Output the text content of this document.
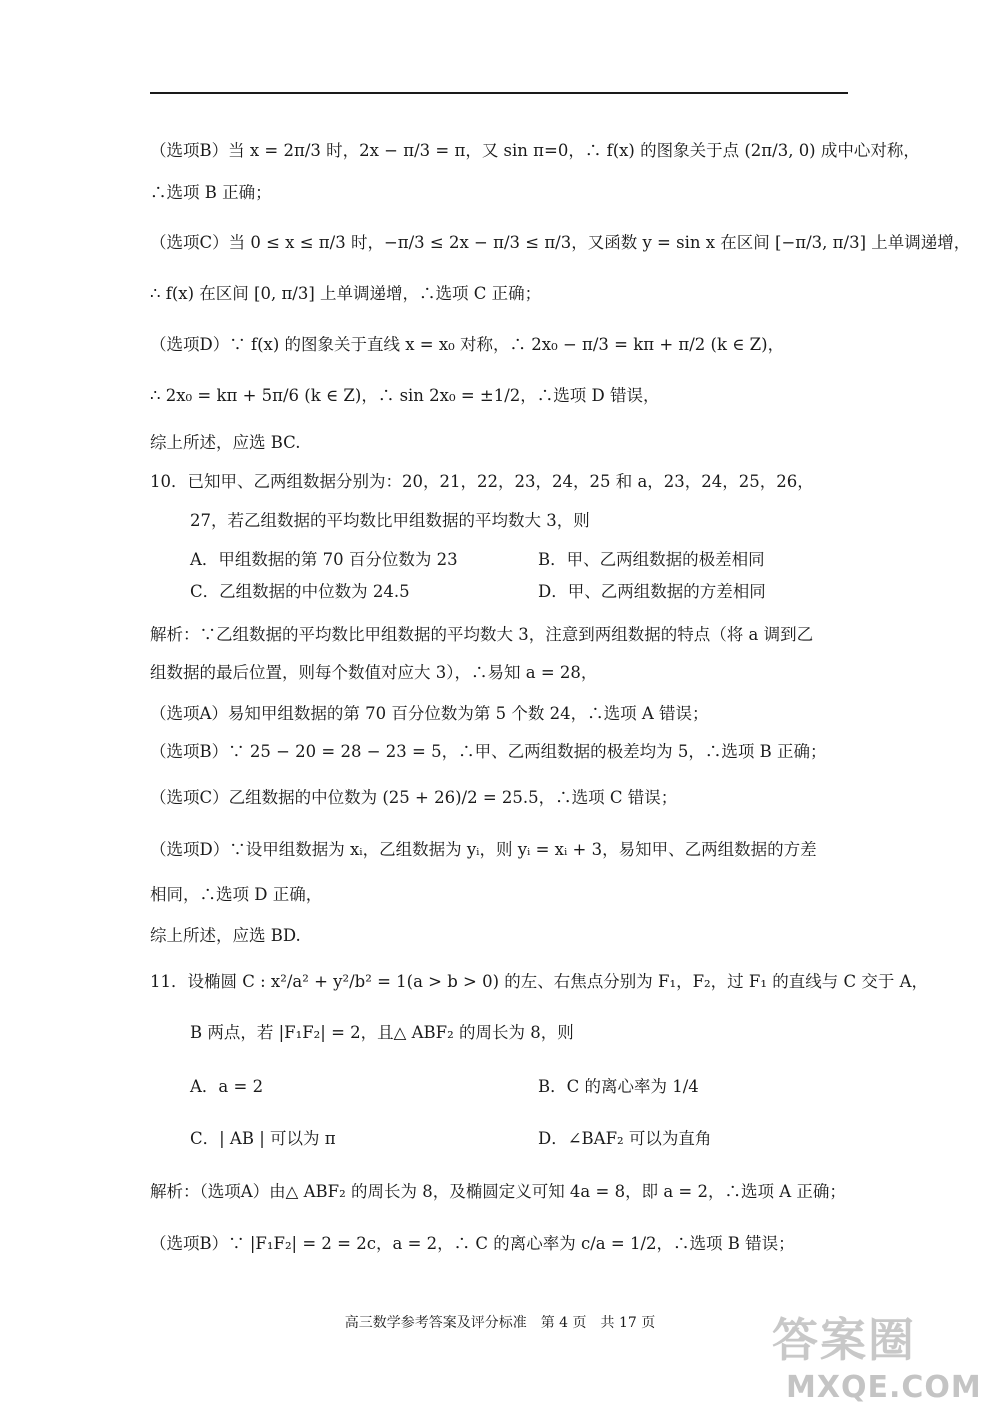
（选项B）当 x = 2π/3 时，2x − π/3 = π，又 sin π=0，∴ f(x) 的图象关于点 (2π/3, 0) 成中心对称，
∴选项 B 正确；
（选项C）当 0 ≤ x ≤ π/3 时，−π/3 ≤ 2x − π/3 ≤ π/3，又函数 y = sin x 在区间 [−π/3, π/3] 上单调递增，
∴ f(x) 在区间 [0, π/3] 上单调递增，∴选项 C 正确；
（选项D）∵ f(x) 的图象关于直线 x = x₀ 对称，∴ 2x₀ − π/3 = kπ + π/2 (k ∈ Z)，
∴ 2x₀ = kπ + 5π/6 (k ∈ Z)，∴ sin 2x₀ = ±1/2，∴选项 D 错误，
综上所述，应选 BC.
10．已知甲、乙两组数据分别为：20，21，22，23，24，25 和 a，23，24，25，26，
27，若乙组数据的平均数比甲组数据的平均数大 3，则
A．甲组数据的第 70 百分位数为 23	B．甲、乙两组数据的极差相同
C．乙组数据的中位数为 24.5	D．甲、乙两组数据的方差相同
解析：∵乙组数据的平均数比甲组数据的平均数大 3，注意到两组数据的特点（将 a 调到乙
组数据的最后位置，则每个数值对应大 3），∴易知 a = 28，
（选项A）易知甲组数据的第 70 百分位数为第 5 个数 24，∴选项 A 错误；
（选项B）∵ 25 − 20 = 28 − 23 = 5，∴甲、乙两组数据的极差均为 5，∴选项 B 正确；
（选项C）乙组数据的中位数为 (25 + 26)/2 = 25.5，∴选项 C 错误；
（选项D）∵设甲组数据为 xᵢ，乙组数据为 yᵢ，则 yᵢ = xᵢ + 3，易知甲、乙两组数据的方差
相同，∴选项 D 正确，
综上所述，应选 BD.
11．设椭圆 C : x²/a² + y²/b² = 1(a > b > 0) 的左、右焦点分别为 F₁，F₂，过 F₁ 的直线与 C 交于 A，
B 两点，若 |F₁F₂| = 2，且△ ABF₂ 的周长为 8，则
A．a = 2	B．C 的离心率为 1/4
C．| AB | 可以为 π	D．∠BAF₂ 可以为直角
解析：（选项A）由△ ABF₂ 的周长为 8，及椭圆定义可知 4a = 8，即 a = 2，∴选项 A 正确；
（选项B）∵ |F₁F₂| = 2 = 2c，a = 2，∴ C 的离心率为 c/a = 1/2，∴选项 B 错误；
高三数学参考答案及评分标准　第 4 页　共 17 页	答案圈
MXQE.COM
